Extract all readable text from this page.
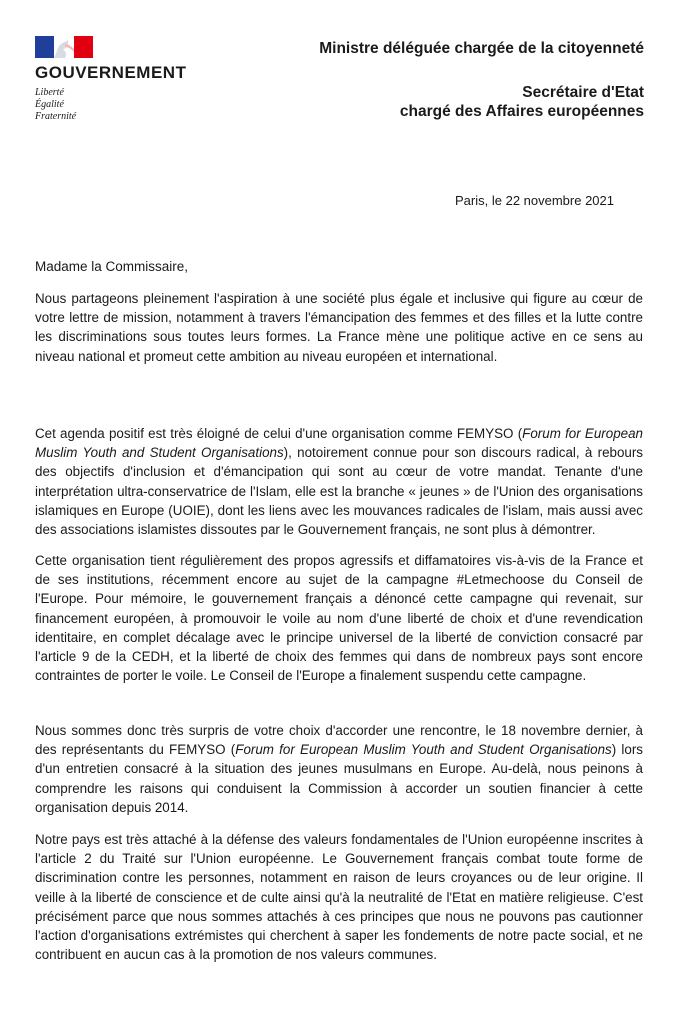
GOUVERNEMENT
Liberté
Égalité
Fraternité
Ministre déléguée chargée de la citoyenneté
Secrétaire d'Etat
chargé des Affaires européennes
Paris, le 22 novembre 2021
Madame la Commissaire,
Nous partageons pleinement l'aspiration à une société plus égale et inclusive qui figure au cœur de votre lettre de mission, notamment à travers l'émancipation des femmes et des filles et la lutte contre les discriminations sous toutes leurs formes. La France mène une politique active en ce sens au niveau national et promeut cette ambition au niveau européen et international.
Cet agenda positif est très éloigné de celui d'une organisation comme FEMYSO (Forum for European Muslim Youth and Student Organisations), notoirement connue pour son discours radical, à rebours des objectifs d'inclusion et d'émancipation qui sont au cœur de votre mandat. Tenante d'une interprétation ultra-conservatrice de l'Islam, elle est la branche « jeunes » de l'Union des organisations islamiques en Europe (UOIE), dont les liens avec les mouvances radicales de l'islam, mais aussi avec des associations islamistes dissoutes par le Gouvernement français, ne sont plus à démontrer.
Cette organisation tient régulièrement des propos agressifs et diffamatoires vis-à-vis de la France et de ses institutions, récemment encore au sujet de la campagne #Letmechoose du Conseil de l'Europe. Pour mémoire, le gouvernement français a dénoncé cette campagne qui revenait, sur financement européen, à promouvoir le voile au nom d'une liberté de choix et d'une revendication identitaire, en complet décalage avec le principe universel de la liberté de conviction consacré par l'article 9 de la CEDH, et la liberté de choix des femmes qui dans de nombreux pays sont encore contraintes de porter le voile. Le Conseil de l'Europe a finalement suspendu cette campagne.
Nous sommes donc très surpris de votre choix d'accorder une rencontre, le 18 novembre dernier, à des représentants du FEMYSO (Forum for European Muslim Youth and Student Organisations) lors d'un entretien consacré à la situation des jeunes musulmans en Europe. Au-delà, nous peinons à comprendre les raisons qui conduisent la Commission à accorder un soutien financier à cette organisation depuis 2014.
Notre pays est très attaché à la défense des valeurs fondamentales de l'Union européenne inscrites à l'article 2 du Traité sur l'Union européenne. Le Gouvernement français combat toute forme de discrimination contre les personnes, notamment en raison de leurs croyances ou de leur origine. Il veille à la liberté de conscience et de culte ainsi qu'à la neutralité de l'Etat en matière religieuse. C'est précisément parce que nous sommes attachés à ces principes que nous ne pouvons pas cautionner l'action d'organisations extrémistes qui cherchent à saper les fondements de notre pacte social, et ne contribuent en aucun cas à la promotion de nos valeurs communes.
